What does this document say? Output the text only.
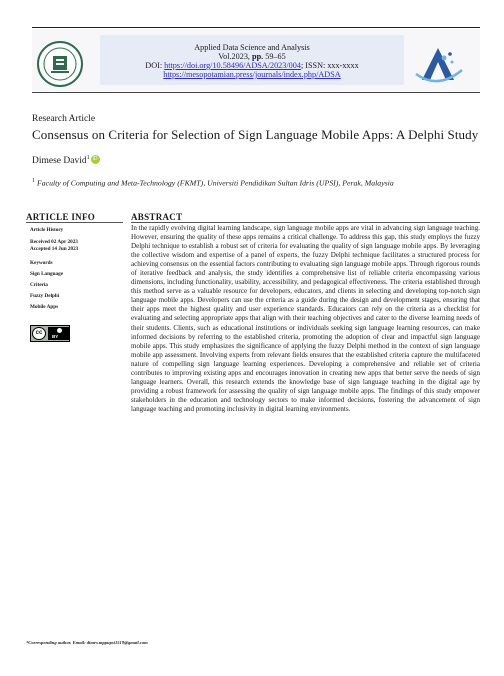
Applied Data Science and Analysis
Vol.2023, pp. 59–65
DOI: https://doi.org/10.58496/ADSA/2023/004; ISSN: xxx-xxxx
https://mesopotamian.press/journals/index.php/ADSA
Research Article
Consensus on Criteria for Selection of Sign Language Mobile Apps: A Delphi Study
Dimese David$^1$ iD
$^1$ Faculty of Computing and Meta-Technology (FKMT), Universiti Pendidikan Sultan Idris (UPSI), Perak, Malaysia
ARTICLE INFO
Article History
Received 02 Apr 2023
Accepted 14 Jun 2023
Keywords
Sign Language
Criteria
Fuzzy Delphi
Mobile Apps
cc
BY
ABSTRACT
In the rapidly evolving digital learning landscape, sign language mobile apps are vital in advancing sign language teaching. However, ensuring the quality of these apps remains a critical challenge. To address this gap, this study employs the fuzzy Delphi technique to establish a robust set of criteria for evaluating the quality of sign language mobile apps. By leveraging the collective wisdom and expertise of a panel of experts, the fuzzy Delphi technique facilitates a structured process for achieving consensus on the essential factors contributing to evaluating sign language mobile apps. Through rigorous rounds of iterative feedback and analysis, the study identifies a comprehensive list of reliable criteria encompassing various dimensions, including functionality, usability, accessibility, and pedagogical effectiveness. The criteria established through this method serve as a valuable resource for developers, educators, and clients in selecting and developing top-notch sign language mobile apps. Developers can use the criteria as a guide during the design and development stages, ensuring that their apps meet the highest quality and user experience standards. Educators can rely on the criteria as a checklist for evaluating and selecting appropriate apps that align with their teaching objectives and cater to the diverse learning needs of their students. Clients, such as educational institutions or individuals seeking sign language learning resources, can make informed decisions by referring to the established criteria, promoting the adoption of clear and impactful sign language mobile apps. This study emphasizes the significance of applying the fuzzy Delphi method in the context of sign language mobile app assessment. Involving experts from relevant fields ensures that the established criteria capture the multifaceted nature of compelling sign language learning experiences. Developing a comprehensive and reliable set of criteria contributes to improving existing apps and encourages innovation in creating new apps that better serve the needs of sign language learners. Overall, this research extends the knowledge base of sign language teaching in the digital age by providing a robust framework for assessing the quality of sign language mobile apps. The findings of this study empower stakeholders in the education and technology sectors to make informed decisions, fostering the advancement of sign language teaching and promoting inclusivity in digital learning environments.
*Corresponding author. Email: dimes.mppupsi1519@gmail.com
